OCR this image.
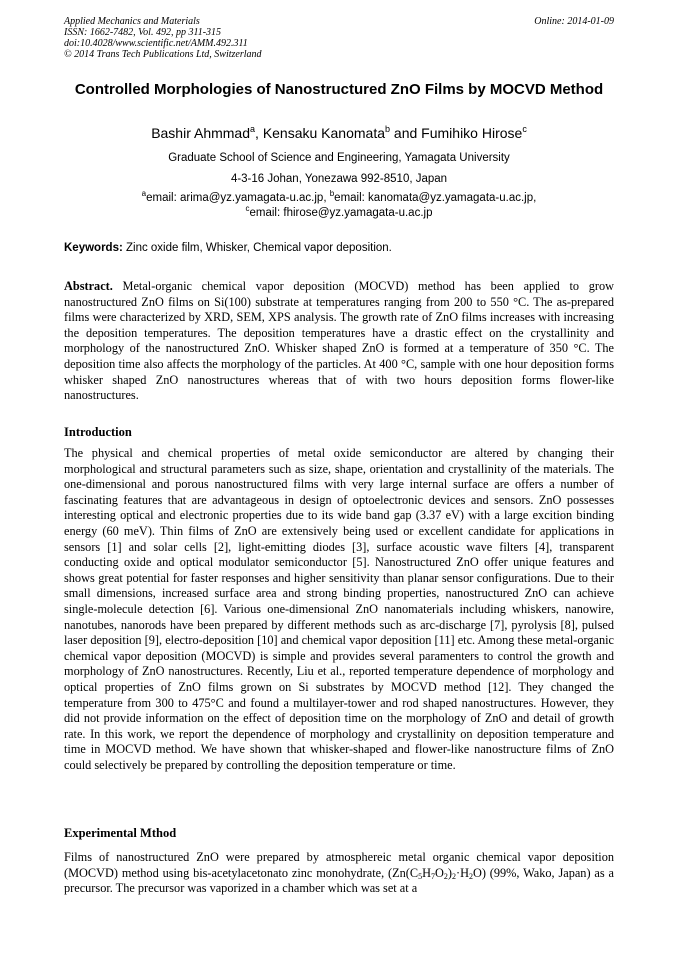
Applied Mechanics and Materials
ISSN: 1662-7482, Vol. 492, pp 311-315
doi:10.4028/www.scientific.net/AMM.492.311
© 2014 Trans Tech Publications Ltd, Switzerland
Online: 2014-01-09
Controlled Morphologies of Nanostructured ZnO Films by MOCVD Method
Bashir Ahmmad$^a$, Kensaku Kanomata$^b$ and Fumihiko Hirose$^c$
Graduate School of Science and Engineering, Yamagata University
4-3-16 Johan, Yonezawa 992-8510, Japan
$^a$email: arima@yz.yamagata-u.ac.jp, $^b$email: kanomata@yz.yamagata-u.ac.jp,
$^c$email: fhirose@yz.yamagata-u.ac.jp
Keywords: Zinc oxide film, Whisker, Chemical vapor deposition.
Abstract. Metal-organic chemical vapor deposition (MOCVD) method has been applied to grow nanostructured ZnO films on Si(100) substrate at temperatures ranging from 200 to 550 °C. The as-prepared films were characterized by XRD, SEM, XPS analysis. The growth rate of ZnO films increases with increasing the deposition temperatures. The deposition temperatures have a drastic effect on the crystallinity and morphology of the nanostructured ZnO. Whisker shaped ZnO is formed at a temperature of 350 °C. The deposition time also affects the morphology of the particles. At 400 °C, sample with one hour deposition forms whisker shaped ZnO nanostructures whereas that of with two hours deposition forms flower-like nanostructures.
Introduction
The physical and chemical properties of metal oxide semiconductor are altered by changing their morphological and structural parameters such as size, shape, orientation and crystallinity of the materials. The one-dimensional and porous nanostructured films with very large internal surface are offers a number of fascinating features that are advantageous in design of optoelectronic devices and sensors. ZnO possesses interesting optical and electronic properties due to its wide band gap (3.37 eV) with a large excition binding energy (60 meV). Thin films of ZnO are extensively being used or excellent candidate for applications in sensors [1] and solar cells [2], light-emitting diodes [3], surface acoustic wave filters [4], transparent conducting oxide and optical modulator semiconductor [5]. Nanostructured ZnO offer unique features and shows great potential for faster responses and higher sensitivity than planar sensor configurations. Due to their small dimensions, increased surface area and strong binding properties, nanostructured ZnO can achieve single-molecule detection [6]. Various one-dimensional ZnO nanomaterials including whiskers, nanowire, nanotubes, nanorods have been prepared by different methods such as arc-discharge [7], pyrolysis [8], pulsed laser deposition [9], electro-deposition [10] and chemical vapor deposition [11] etc. Among these metal-organic chemical vapor deposition (MOCVD) is simple and provides several paramenters to control the growth and morphology of ZnO nanostructures. Recently, Liu et al., reported temperature dependence of morphology and optical properties of ZnO films grown on Si substrates by MOCVD method [12]. They changed the temperature from 300 to 475°C and found a multilayer-tower and rod shaped nanostructures. However, they did not provide information on the effect of deposition time on the morphology of ZnO and detail of growth rate. In this work, we report the dependence of morphology and crystallinity on deposition temperature and time in MOCVD method. We have shown that whisker-shaped and flower-like nanostructure films of ZnO could selectively be prepared by controlling the deposition temperature or time.
Experimental Mthod
Films of nanostructured ZnO were prepared by atmosphereic metal organic chemical vapor deposition (MOCVD) method using bis-acetylacetonato zinc monohydrate, $(Zn(C_5H_7O_2)_2\cdot H_2O)$ (99%, Wako, Japan) as a precursor. The precursor was vaporized in a chamber which was set at a
